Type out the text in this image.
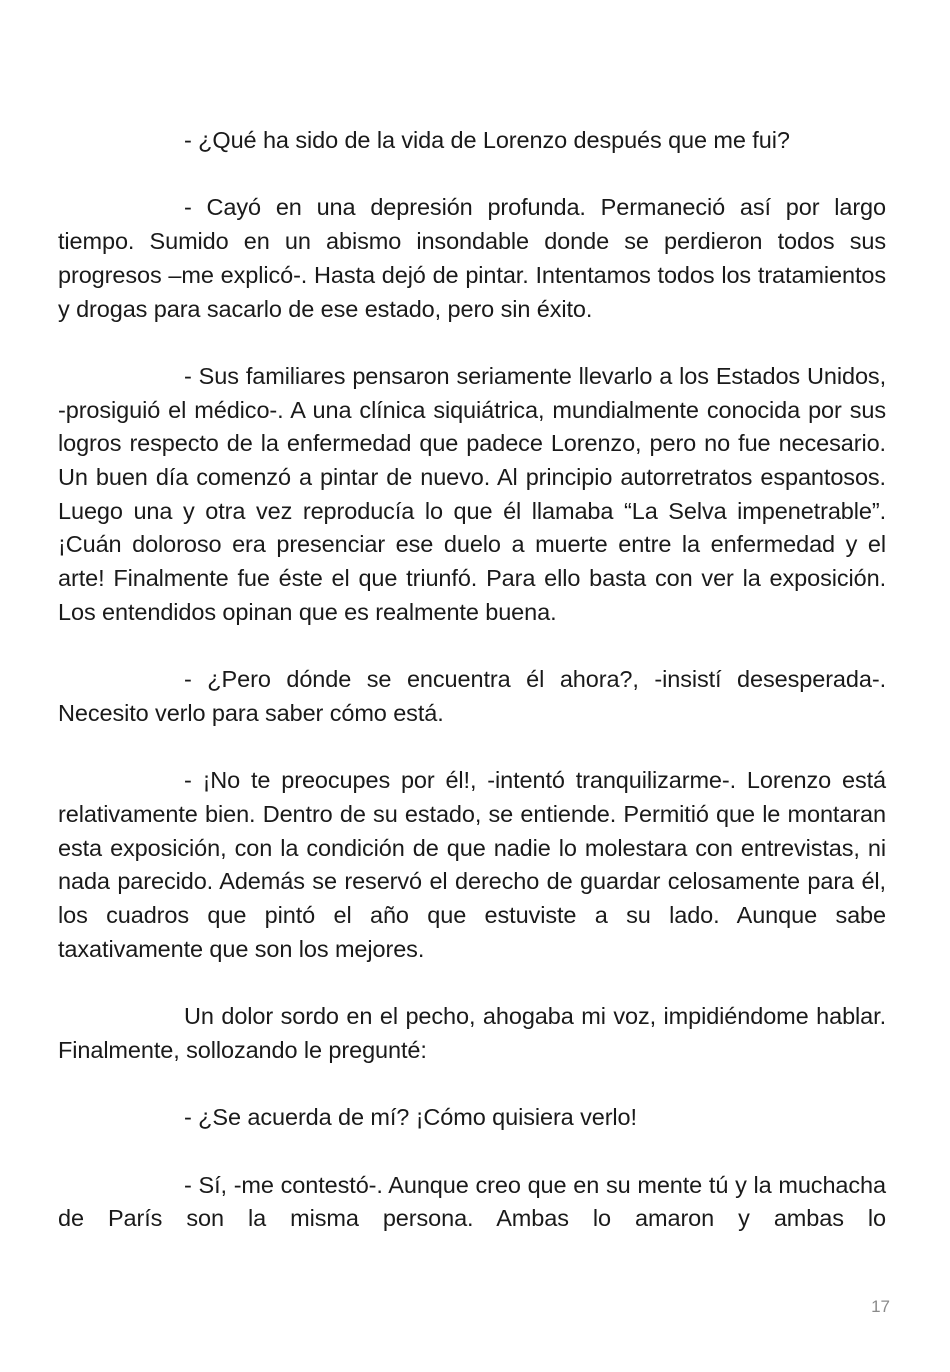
- ¿Qué ha sido de la vida de Lorenzo después que me fui?

- Cayó en una depresión profunda. Permaneció así por largo tiempo. Sumido en un abismo insondable donde se perdieron todos sus progresos –me explicó-. Hasta dejó de pintar. Intentamos todos los tratamientos y drogas para sacarlo de ese estado, pero sin éxito.

- Sus familiares pensaron seriamente llevarlo a los Estados Unidos, -prosiguió el médico-. A una clínica siquiátrica, mundialmente conocida por sus logros respecto de la enfermedad que padece Lorenzo, pero no fue necesario. Un buen día comenzó a pintar de nuevo. Al principio autorretratos espantosos. Luego una y otra vez reproducía lo que él llamaba “La Selva impenetrable”. ¡Cuán doloroso era presenciar ese duelo a muerte entre la enfermedad y el arte! Finalmente fue éste el que triunfó. Para ello basta con ver la exposición. Los entendidos opinan que es realmente buena.

- ¿Pero dónde se encuentra él ahora?, -insistí desesperada-. Necesito verlo para saber cómo está.

- ¡No te preocupes por él!, -intentó tranquilizarme-. Lorenzo está relativamente bien. Dentro de su estado, se entiende. Permitió que le montaran esta exposición, con la condición de que nadie lo molestara con entrevistas, ni nada parecido. Además se reservó el derecho de guardar celosamente para él, los cuadros que pintó el año que estuviste a su lado. Aunque sabe taxativamente que son los mejores.

Un dolor sordo en el pecho, ahogaba mi voz, impidiéndome hablar. Finalmente, sollozando le pregunté:

- ¿Se acuerda de mí? ¡Cómo quisiera verlo!

- Sí, -me contestó-. Aunque creo que en su mente tú y la muchacha de París son la misma persona. Ambas lo amaron y ambas lo

17
